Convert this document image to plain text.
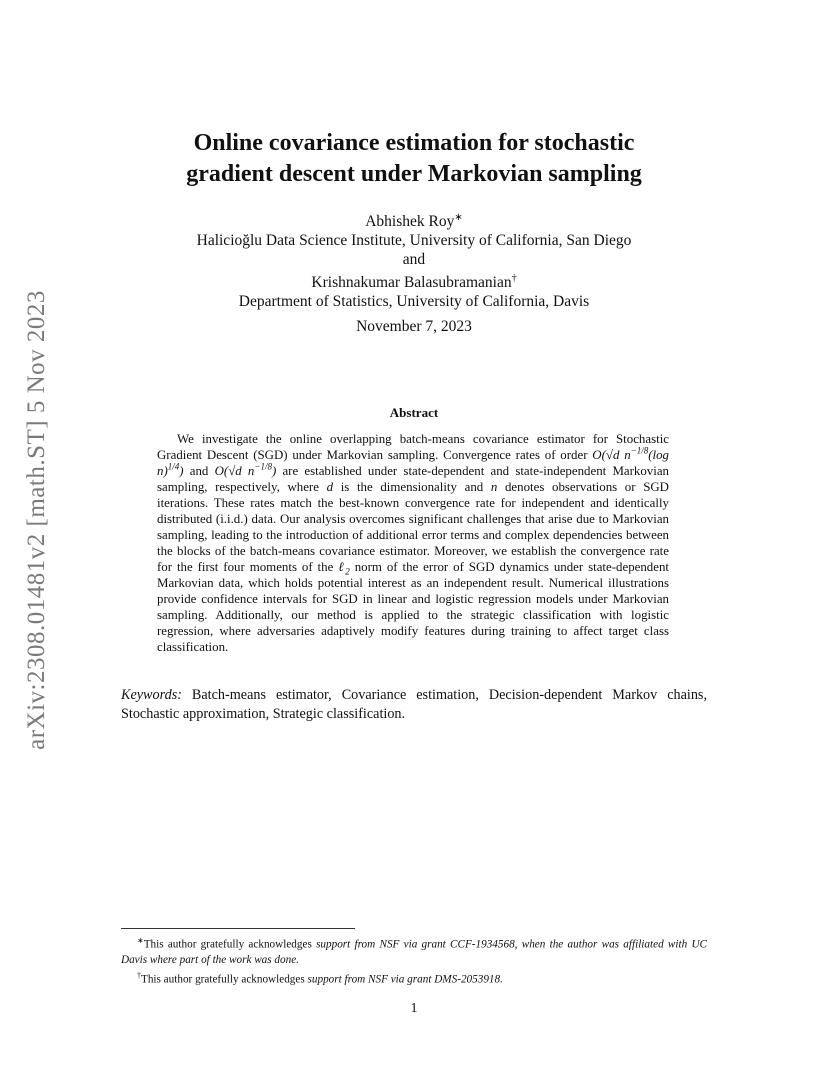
arXiv:2308.01481v2 [math.ST] 5 Nov 2023
Online covariance estimation for stochastic
gradient descent under Markovian sampling
Abhishek Roy∗
Halicioğlu Data Science Institute, University of California, San Diego
and
Krishnakumar Balasubramanian†
Department of Statistics, University of California, Davis
November 7, 2023
Abstract

We investigate the online overlapping batch-means covariance estimator for Stochastic Gradient Descent (SGD) under Markovian sampling. Convergence rates of order O(√d $n^{-1/8}(\log$ n)$^{1/4}$) and O(√d $n^{-1/8}$) are established under state-dependent and state-independent Markovian sampling, respectively, where d is the dimensionality and n denotes observations or SGD iterations. These rates match the best-known convergence rate for independent and identically distributed (i.i.d.) data. Our analysis overcomes significant challenges that arise due to Markovian sampling, leading to the introduction of additional error terms and complex dependencies between the blocks of the batch-means covariance estimator. Moreover, we establish the convergence rate for the first four moments of the ℓ$_2$ norm of the error of SGD dynamics under state-dependent Markovian data, which holds potential interest as an independent result. Numerical illustrations provide confidence intervals for SGD in linear and logistic regression models under Markovian sampling. Additionally, our method is applied to the strategic classification with logistic regression, where adversaries adaptively modify features during training to affect target class classification.

Keywords: Batch-means estimator, Covariance estimation, Decision-dependent Markov chains, Stochastic approximation, Strategic classification.
∗This author gratefully acknowledges support from NSF via grant CCF-1934568, when the author was affiliated with UC Davis where part of the work was done.
†This author gratefully acknowledges support from NSF via grant DMS-2053918.
1
